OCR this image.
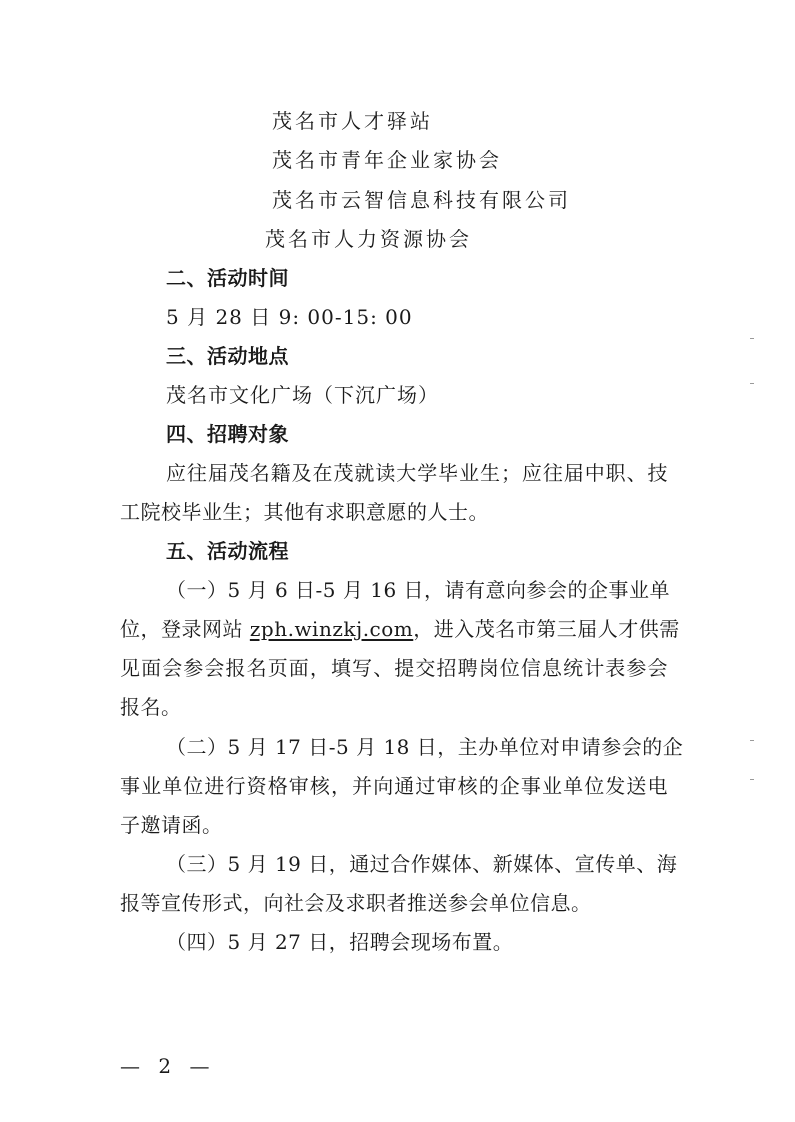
茂名市人才驿站
茂名市青年企业家协会
茂名市云智信息科技有限公司
茂名市人力资源协会
二、活动时间
5 月 28 日 9: 00-15: 00
三、活动地点
茂名市文化广场（下沉广场）
四、招聘对象
应往届茂名籍及在茂就读大学毕业生；应往届中职、技
工院校毕业生；其他有求职意愿的人士。
五、活动流程
（一）5 月 6 日-5 月 16 日，请有意向参会的企事业单
位，登录网站 zph.winzkj.com，进入茂名市第三届人才供需
见面会参会报名页面，填写、提交招聘岗位信息统计表参会
报名。
（二）5 月 17 日-5 月 18 日，主办单位对申请参会的企
事业单位进行资格审核，并向通过审核的企事业单位发送电
子邀请函。
（三）5 月 19 日，通过合作媒体、新媒体、宣传单、海
报等宣传形式，向社会及求职者推送参会单位信息。
（四）5 月 27 日，招聘会现场布置。
— 2 —
